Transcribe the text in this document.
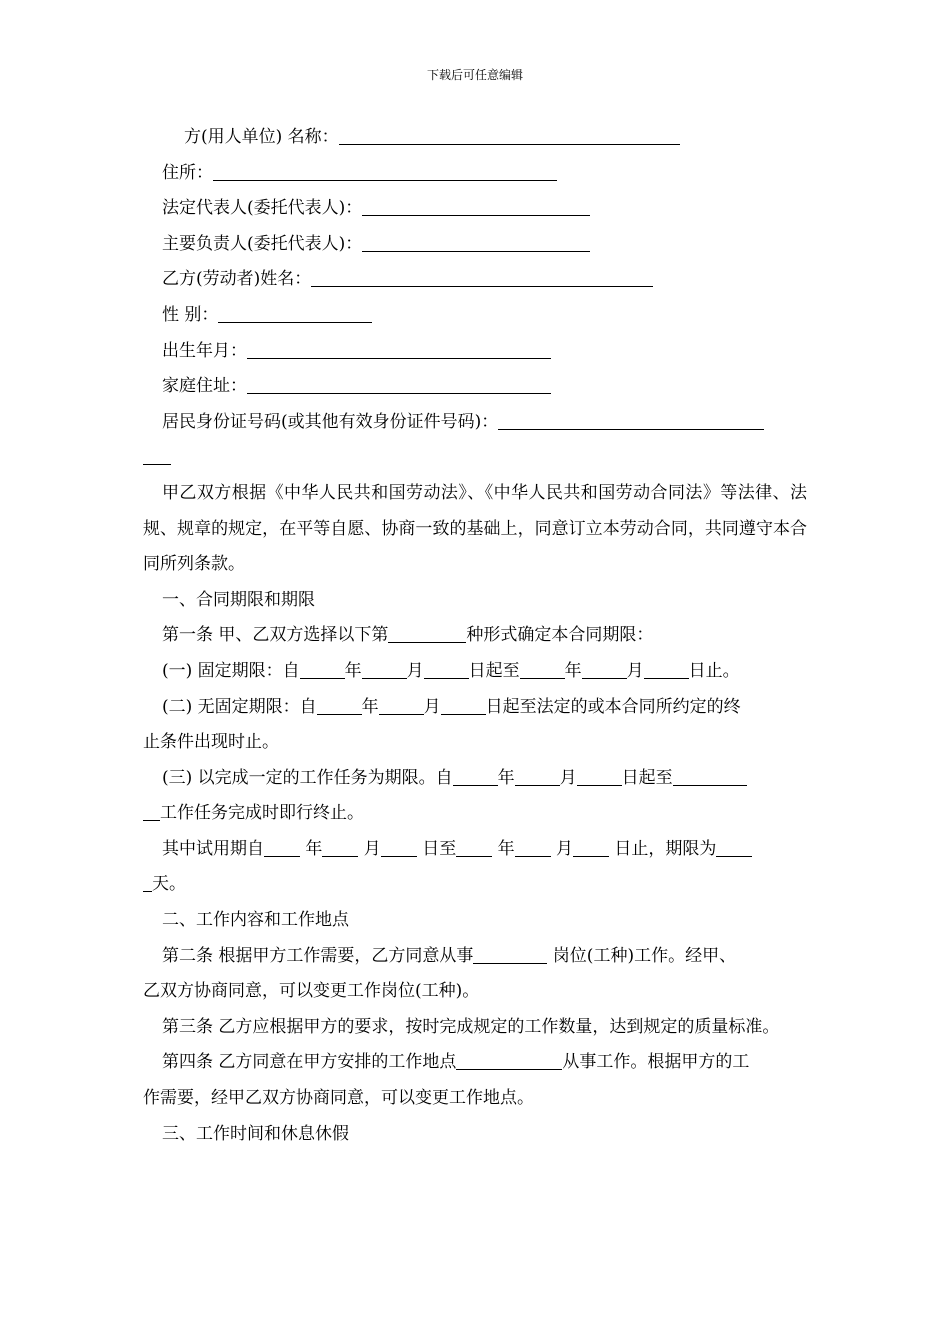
下载后可任意编辑
方(用人单位) 名称：
住所：
法定代表人(委托代表人)：
主要负责人(委托代表人)：
乙方(劳动者)姓名：
性 别：
出生年月：
家庭住址：
居民身份证号码(或其他有效身份证件号码)：
甲乙双方根据《中华人民共和国劳动法》、《中华人民共和国劳动合同法》等法律、法规、规章的规定，在平等自愿、协商一致的基础上，同意订立本劳动合同，共同遵守本合同所列条款。
一、合同期限和期限
第一条 甲、乙双方选择以下第	种形式确定本合同期限：
(一) 固定期限：自	年	月	日起至	年	月	日止。
(二) 无固定期限：自	年	月	日起至法定的或本合同所约定的终
止条件出现时止。
(三) 以完成一定的工作任务为期限。自	年	月	日起至
工作任务完成时即行终止。
其中试用期自 年 月 日至 年 月 日止，期限为
天。
二、工作内容和工作地点
第二条 根据甲方工作需要，乙方同意从事	岗位(工种)工作。经甲、
乙双方协商同意，可以变更工作岗位(工种)。
第三条 乙方应根据甲方的要求，按时完成规定的工作数量，达到规定的质量标准。
第四条 乙方同意在甲方安排的工作地点	从事工作。根据甲方的工
作需要，经甲乙双方协商同意，可以变更工作地点。
三、工作时间和休息休假
